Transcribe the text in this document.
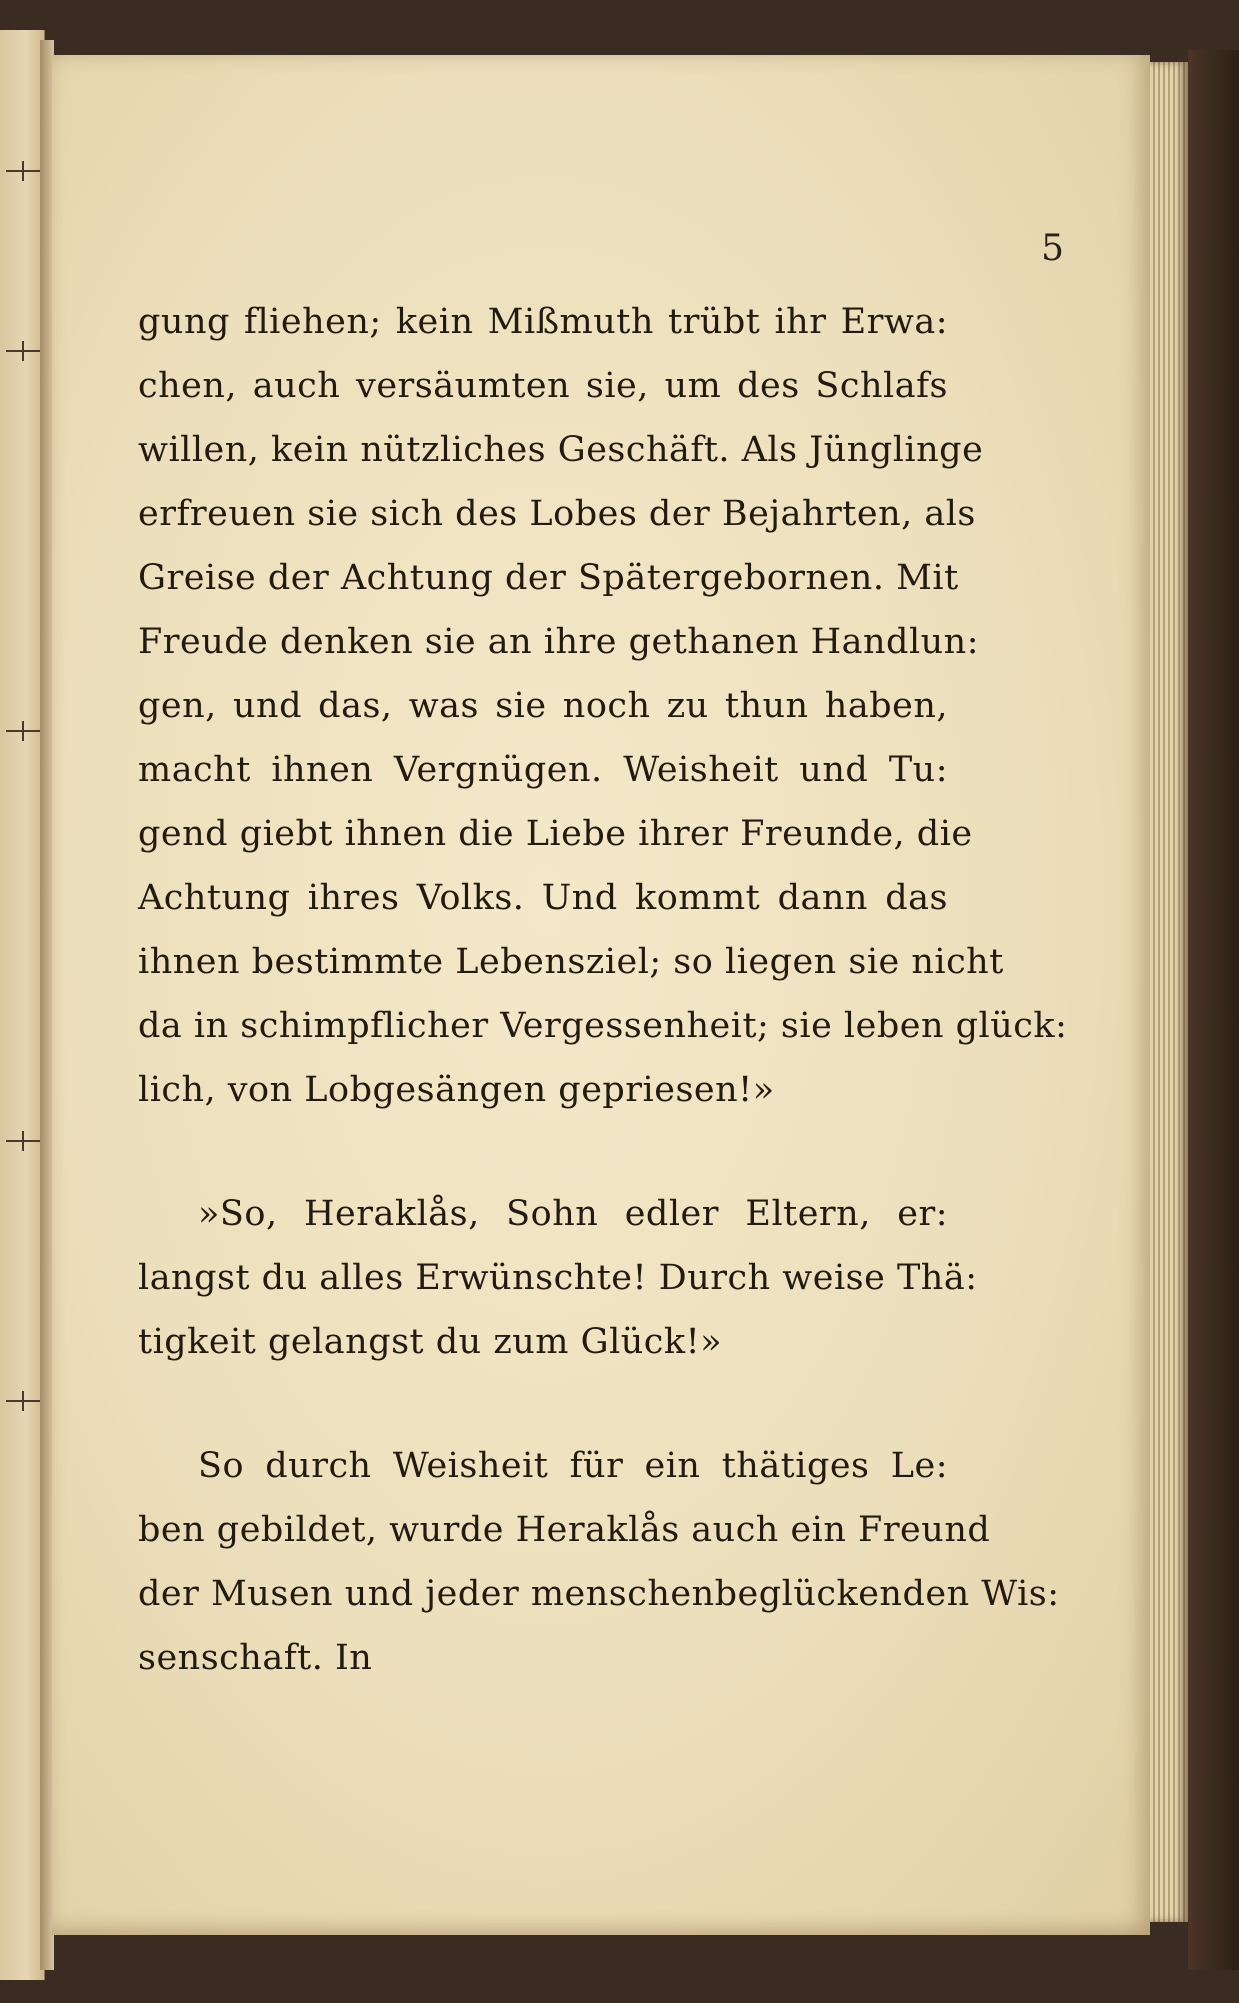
5
gung fliehen; kein Mißmuth trübt ihr Erwa:
chen, auch versäumten sie, um des Schlafs
willen, kein nützliches Geschäft. Als Jünglinge
erfreuen sie sich des Lobes der Bejahrten, als
Greise der Achtung der Spätergebornen. Mit
Freude denken sie an ihre gethanen Handlun:
gen, und das, was sie noch zu thun haben,
macht ihnen Vergnügen. Weisheit und Tu:
gend giebt ihnen die Liebe ihrer Freunde, die
Achtung ihres Volks. Und kommt dann das
ihnen bestimmte Lebensziel; so liegen sie nicht
da in schimpflicher Vergessenheit; sie leben glück:
lich, von Lobgesängen gepriesen!»
»So, Heraklås, Sohn edler Eltern, er:
langst du alles Erwünschte! Durch weise Thä:
tigkeit gelangst du zum Glück!»
So durch Weisheit für ein thätiges Le:
ben gebildet, wurde Heraklås auch ein Freund
der Musen und jeder menschenbeglückenden Wis:
senschaft. In
